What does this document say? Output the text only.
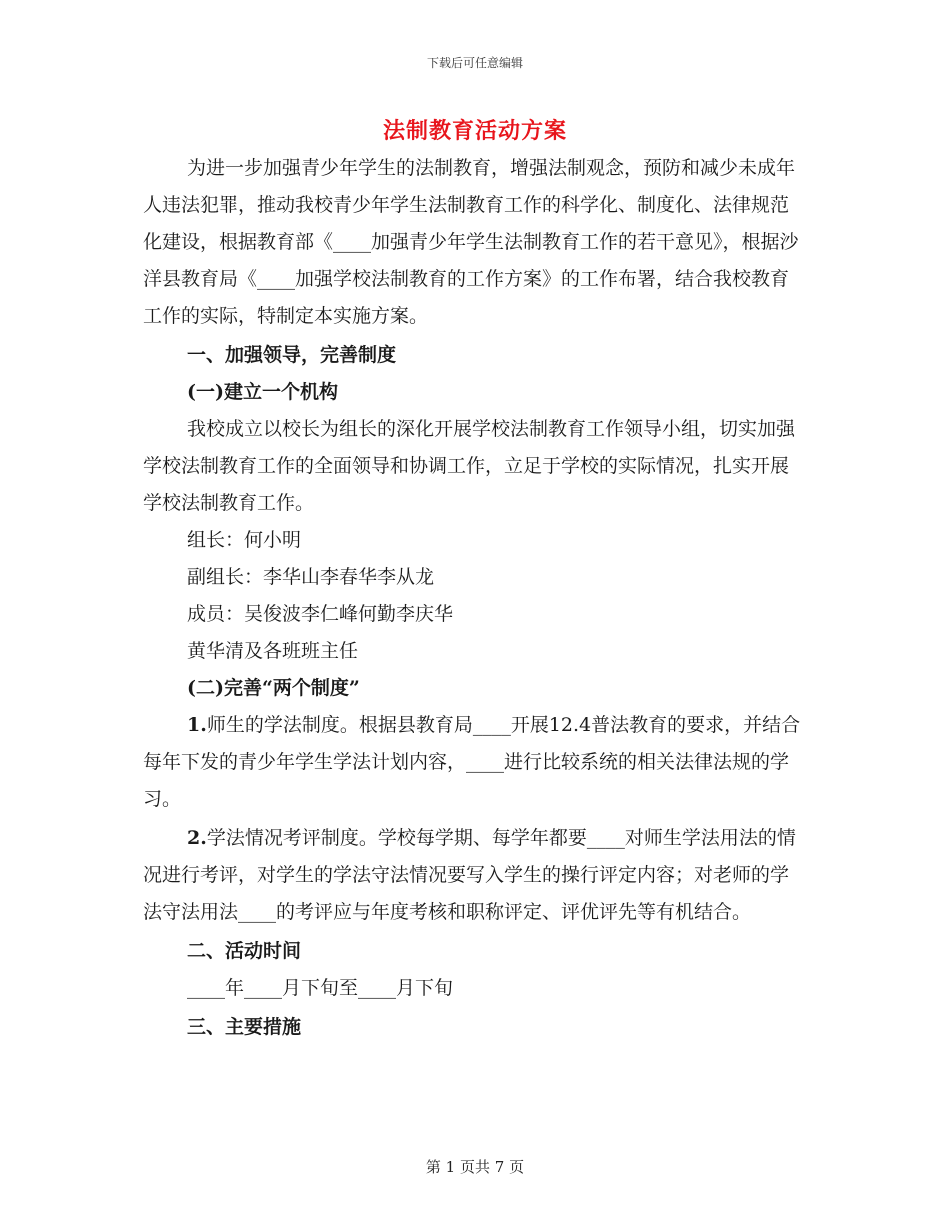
下载后可任意编辑
法制教育活动方案

为进一步加强青少年学生的法制教育，增强法制观念，预防和减少未成年人违法犯罪，推动我校青少年学生法制教育工作的科学化、制度化、法律规范化建设，根据教育部《____加强青少年学生法制教育工作的若干意见》，根据沙洋县教育局《____加强学校法制教育的工作方案》的工作布署，结合我校教育工作的实际，特制定本实施方案。

一、加强领导，完善制度

(一)建立一个机构

我校成立以校长为组长的深化开展学校法制教育工作领导小组，切实加强学校法制教育工作的全面领导和协调工作，立足于学校的实际情况，扎实开展学校法制教育工作。

组长：何小明

副组长：李华山李春华李从龙

成员：吴俊波李仁峰何勤李庆华

黄华清及各班班主任

(二)完善“两个制度”

1.师生的学法制度。根据县教育局____开展12.4普法教育的要求，并结合每年下发的青少年学生学法计划内容，____进行比较系统的相关法律法规的学习。

2.学法情况考评制度。学校每学期、每学年都要____对师生学法用法的情况进行考评，对学生的学法守法情况要写入学生的操行评定内容；对老师的学法守法用法____的考评应与年度考核和职称评定、评优评先等有机结合。

二、活动时间

____年____月下旬至____月下旬

三、主要措施

第 1 页共 7 页
